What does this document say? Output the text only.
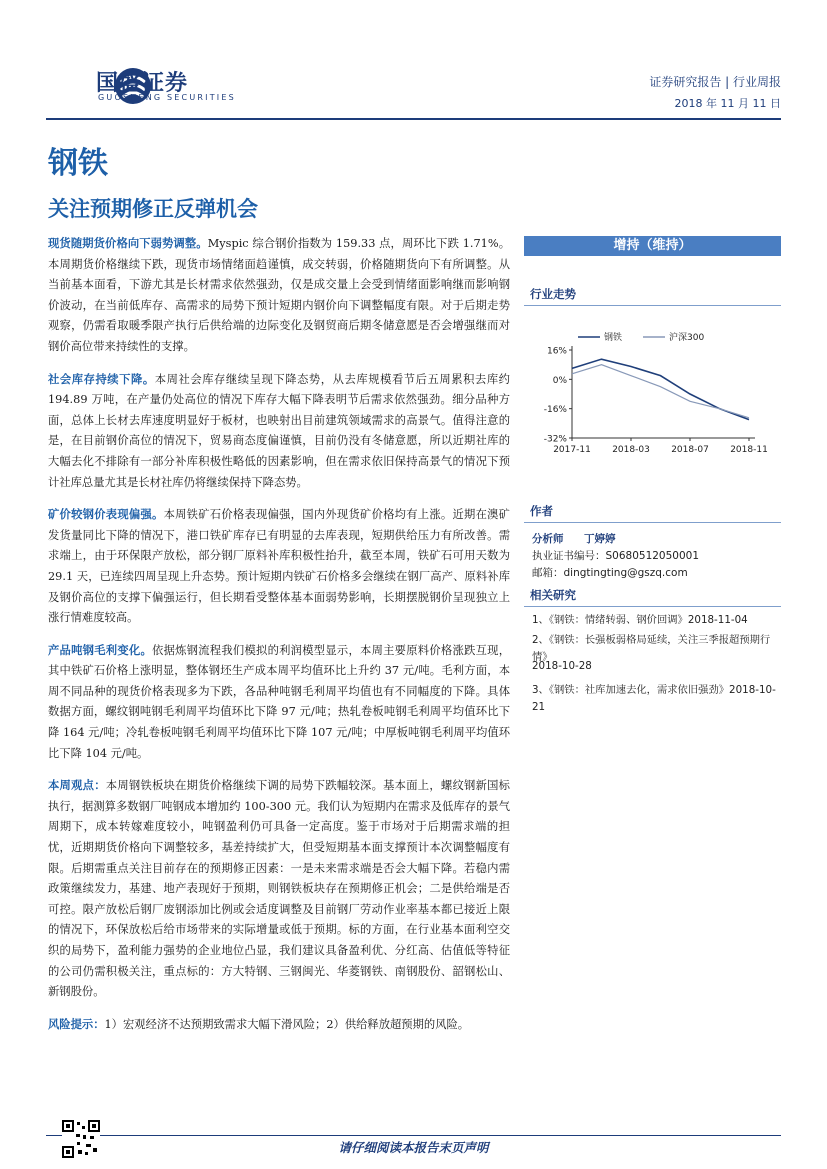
国盛证券
GUOSHENG SECURITIES
证券研究报告 | 行业周报
2018 年 11 月 11 日
钢铁
关注预期修正反弹机会

现货随期货价格向下弱势调整。Myspic 综合钢价指数为 159.33 点，周环比下跌 1.71%。本周期货价格继续下跌，现货市场情绪面趋谨慎，成交转弱，价格随期货向下有所调整。从当前基本面看，下游尤其是长材需求依然强劲，仅是成交量上会受到情绪面影响继而影响钢价波动，在当前低库存、高需求的局势下预计短期内钢价向下调整幅度有限。对于后期走势观察，仍需看取暖季限产执行后供给端的边际变化及钢贸商后期冬储意愿是否会增强继而对钢价高位带来持续性的支撑。

社会库存持续下降。本周社会库存继续呈现下降态势，从去库规模看节后五周累积去库约 194.89 万吨，在产量仍处高位的情况下库存大幅下降表明节后需求依然强劲。细分品种方面，总体上长材去库速度明显好于板材，也映射出目前建筑领域需求的高景气。值得注意的是，在目前钢价高位的情况下，贸易商态度偏谨慎，目前仍没有冬储意愿，所以近期社库的大幅去化不排除有一部分补库积极性略低的因素影响，但在需求依旧保持高景气的情况下预计社库总量尤其是长材社库仍将继续保持下降态势。

矿价较钢价表现偏强。本周铁矿石价格表现偏强，国内外现货矿价格均有上涨。近期在澳矿发货量同比下降的情况下，港口铁矿库存已有明显的去库表现，短期供给压力有所改善。需求端上，由于环保限产放松，部分钢厂原料补库积极性抬升，截至本周，铁矿石可用天数为 29.1 天，已连续四周呈现上升态势。预计短期内铁矿石价格多会继续在钢厂高产、原料补库及钢价高位的支撑下偏强运行，但长期看受整体基本面弱势影响，长期摆脱钢价呈现独立上涨行情难度较高。

产品吨钢毛利变化。依据炼钢流程我们模拟的利润模型显示，本周主要原料价格涨跌互现，其中铁矿石价格上涨明显，整体钢坯生产成本周平均值环比上升约 37 元/吨。毛利方面，本周不同品种的现货价格表现多为下跌，各品种吨钢毛利周平均值也有不同幅度的下降。具体数据方面，螺纹钢吨钢毛利周平均值环比下降 97 元/吨；热轧卷板吨钢毛利周平均值环比下降 164 元/吨；冷轧卷板吨钢毛利周平均值环比下降 107 元/吨；中厚板吨钢毛利周平均值环比下降 104 元/吨。

本周观点：本周钢铁板块在期货价格继续下调的局势下跌幅较深。基本面上，螺纹钢新国标执行，据测算多数钢厂吨钢成本增加约 100-300 元。我们认为短期内在需求及低库存的景气周期下，成本转嫁难度较小，吨钢盈利仍可具备一定高度。鉴于市场对于后期需求端的担忧，近期期货价格向下调整较多，基差持续扩大，但受短期基本面支撑预计本次调整幅度有限。后期需重点关注目前存在的预期修正因素：一是未来需求端是否会大幅下降。若稳内需政策继续发力，基建、地产表现好于预期，则钢铁板块存在预期修正机会；二是供给端是否可控。限产放松后钢厂废钢添加比例或会适度调整及目前钢厂劳动作业率基本都已接近上限的情况下，环保放松后给市场带来的实际增量或低于预期。标的方面，在行业基本面利空交织的局势下，盈利能力强势的企业地位凸显，我们建议具备盈利优、分红高、估值低等特征的公司仍需积极关注，重点标的：方大特钢、三钢闽光、华菱钢铁、南钢股份、韶钢松山、新钢股份。

风险提示：1）宏观经济不达预期致需求大幅下滑风险；2）供给释放超预期的风险。

增持（维持）
行业走势
16%
0%
-16%
-32%
2017-11 2018-03 2018-07 2018-11
钢铁	沪深300
作者
分析师 丁婷婷
执业证书编号：S0680512050001
邮箱：dingtingting@gszq.com
相关研究
1、《钢铁：情绪转弱、钢价回调》2018-11-04
2、《钢铁：长强板弱格局延续，关注三季报超预期行情》
2018-10-28
3、《钢铁：社库加速去化，需求依旧强劲》2018-10-21
请仔细阅读本报告末页声明
